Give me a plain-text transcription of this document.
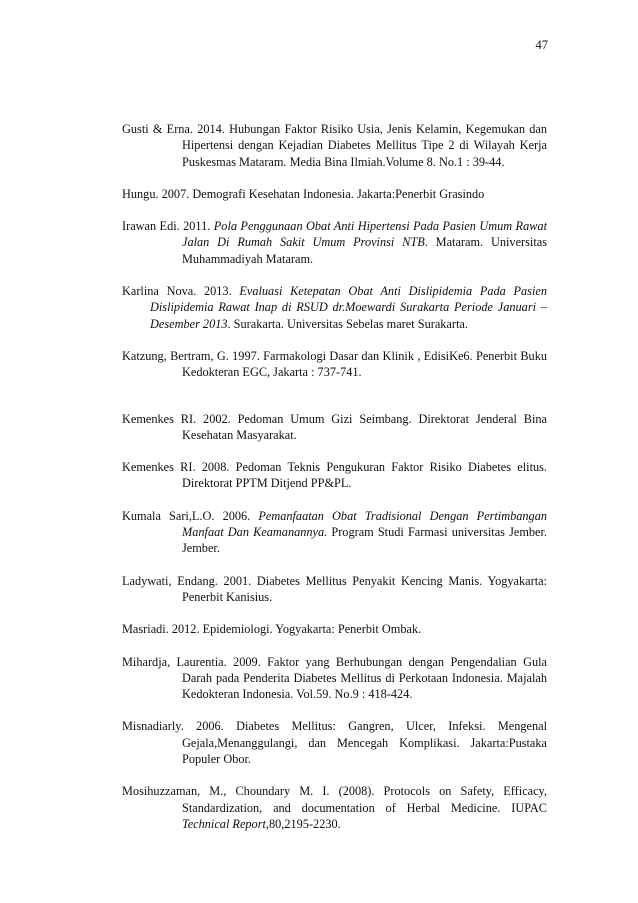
47

Gusti & Erna. 2014. Hubungan Faktor Risiko Usia, Jenis Kelamin, Kegemukan dan Hipertensi dengan Kejadian Diabetes Mellitus Tipe 2 di Wilayah Kerja Puskesmas Mataram. Media Bina Ilmiah.Volume 8. No.1 : 39-44.

Hungu. 2007. Demografi Kesehatan Indonesia. Jakarta:Penerbit Grasindo

Irawan Edi. 2011. Pola Penggunaan Obat Anti Hipertensi Pada Pasien Umum Rawat Jalan Di Rumah Sakit Umum Provinsi NTB. Mataram. Universitas Muhammadiyah Mataram.

Karlina Nova. 2013. Evaluasi Ketepatan Obat Anti Dislipidemia Pada Pasien Dislipidemia Rawat Inap di RSUD dr.Moewardi Surakarta Periode Januari – Desember 2013. Surakarta. Universitas Sebelas maret Surakarta.

Katzung, Bertram, G. 1997. Farmakologi Dasar dan Klinik , EdisiKe6. Penerbit Buku Kedokteran EGC, Jakarta : 737-741.

Kemenkes RI. 2002. Pedoman Umum Gizi Seimbang. Direktorat Jenderal Bina Kesehatan Masyarakat.

Kemenkes RI. 2008. Pedoman Teknis Pengukuran Faktor Risiko Diabetes elitus. Direktorat PPTM Ditjend PP&PL.

Kumala Sari,L.O. 2006. Pemanfaatan Obat Tradisional Dengan Pertimbangan Manfaat Dan Keamanannya. Program Studi Farmasi universitas Jember. Jember.

Ladywati, Endang. 2001. Diabetes Mellitus Penyakit Kencing Manis. Yogyakarta: Penerbit Kanisius.

Masriadi. 2012. Epidemiologi. Yogyakarta: Penerbit Ombak.

Mihardja, Laurentia. 2009. Faktor yang Berhubungan dengan Pengendalian Gula Darah pada Penderita Diabetes Mellitus di Perkotaan Indonesia. Majalah Kedokteran Indonesia. Vol.59. No.9 : 418-424.

Misnadiarly. 2006. Diabetes Mellitus: Gangren, Ulcer, Infeksi. Mengenal Gejala,Menanggulangi, dan Mencegah Komplikasi. Jakarta:Pustaka Populer Obor.

Mosihuzzaman, M., Choundary M. I. (2008). Protocols on Safety, Efficacy, Standardization, and documentation of Herbal Medicine. IUPAC Technical Report,80,2195-2230.
